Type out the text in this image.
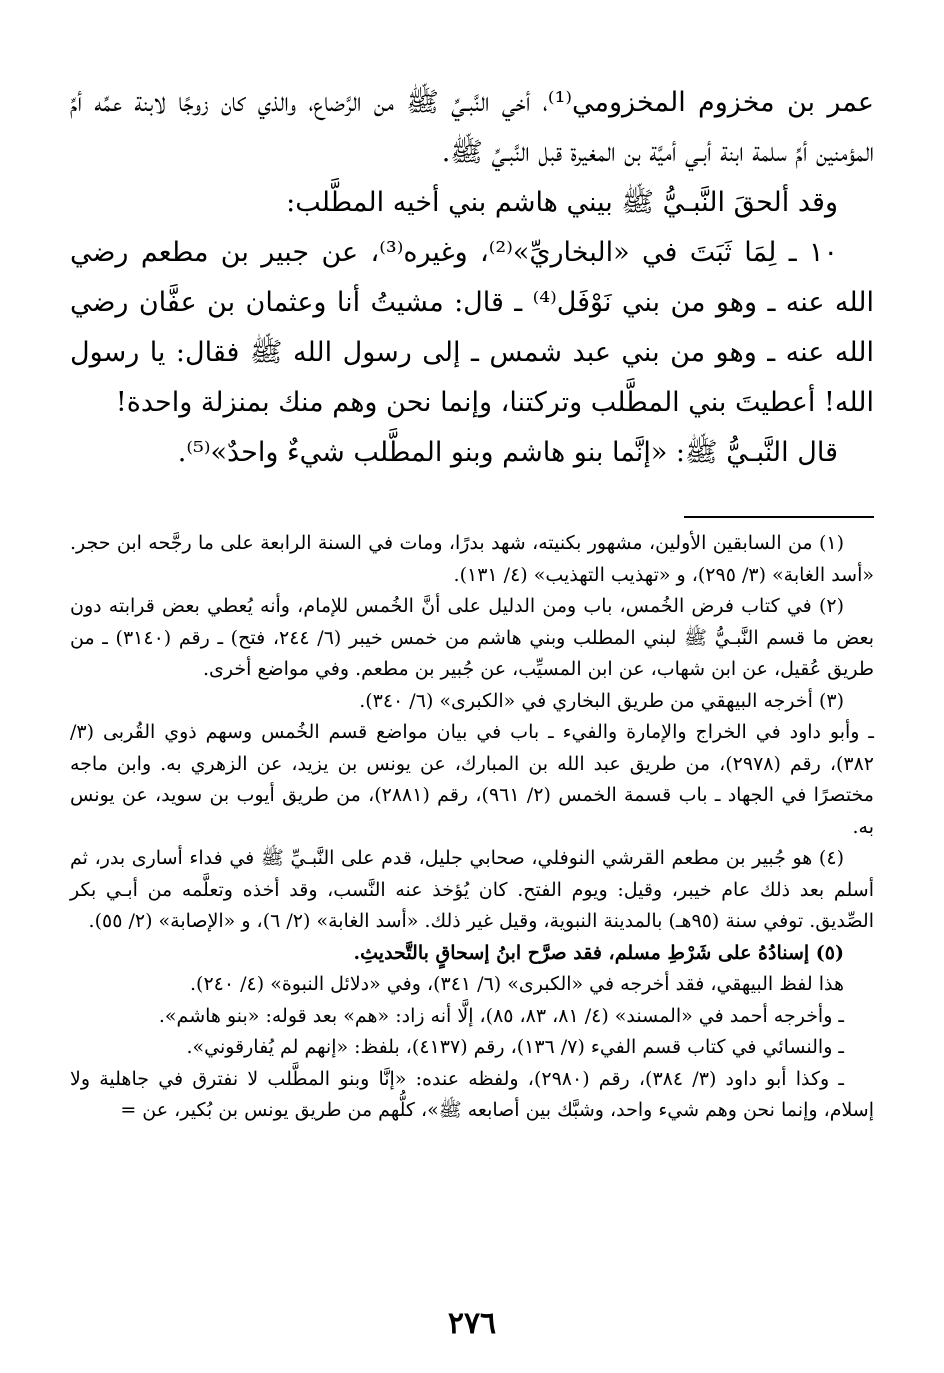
عمر بن مخزوم المخزومي⁽¹⁾، أخي النَّبـيِّ ﷺ من الرَّضاع، والذي كان زوجًا لابنة عمِّه أمِّ المؤمنين أمِّ سلمة ابنة أبـي أميَّة بن المغيرة قبل النَّبـيِّ ﷺ.

وقد ألحقَ النَّبـيُّ ﷺ بيني هاشم بني أخيه المطَّلب:

١٠ ـ لِمَا ثَبَتَ في «البخاريِّ»⁽²⁾، وغيره⁽³⁾، عن جبير بن مطعم رضي الله عنه ـ وهو من بني نَوْفَل⁽⁴⁾ ـ قال: مشيتُ أنا وعثمان بن عفَّان رضي الله عنه ـ وهو من بني عبد شمس ـ إلى رسول الله ﷺ فقال: يا رسول الله! أعطيتَ بني المطَّلب وتركتنا، وإنما نحن وهم منك بمنزلة واحدة!

قال النَّبـيُّ ﷺ: «إنَّما بنو هاشم وبنو المطَّلب شيءٌ واحدٌ»⁽⁵⁾.

(١) من السابقين الأولين، مشهور بكنيته، شهد بدرًا، ومات في السنة الرابعة على ما رجَّحه ابن حجر. «أسد الغابة» (٣/ ٢٩٥)، و «تهذيب التهذيب» (٤/ ١٣١).

(٢) في كتاب فرض الخُمس، باب ومن الدليل على أنَّ الخُمس للإمام، وأنه يُعطي بعض قرابته دون بعض ما قسم النَّبـيُّ ﷺ لبني المطلب وبني هاشم من خمس خيبر (٦/ ٢٤٤، فتح) ـ رقم (٣١٤٠) ـ من طريق عُقيل، عن ابن شهاب، عن ابن المسيِّب، عن جُبير بن مطعم. وفي مواضع أخرى.

(٣) أخرجه البيهقي من طريق البخاري في «الكبرى» (٦/ ٣٤٠).

ـ وأبو داود في الخراج والإمارة والفيء ـ باب في بيان مواضع قسم الخُمس وسهم ذوي القُربى (٣/ ٣٨٢)، رقم (٢٩٧٨)، من طريق عبد الله بن المبارك، عن يونس بن يزيد، عن الزهري به. وابن ماجه مختصرًا في الجهاد ـ باب قسمة الخمس (٢/ ٩٦١)، رقم (٢٨٨١)، من طريق أيوب بن سويد، عن يونس به.

(٤) هو جُبير بن مطعم القرشي النوفلي، صحابي جليل، قدم على النَّبـيِّ ﷺ في فداء أسارى بدر، ثم أسلم بعد ذلك عام خيبر، وقيل: ويوم الفتح. كان يُؤخذ عنه النَّسب، وقد أخذه وتعلَّمه من أبـي بكر الصِّديق. توفي سنة (٩٥هـ) بالمدينة النبوية، وقيل غير ذلك. «أسد الغابة» (٢/ ٦)، و «الإصابة» (٢/ ٥٥).

(٥) إسنادُهُ على شَرْطِ مسلم، فقد صرَّح ابنُ إسحاقٍ بالتَّحديثِ.

هذا لفظ البيهقي، فقد أخرجه في «الكبرى» (٦/ ٣٤١)، وفي «دلائل النبوة» (٤/ ٢٤٠).

ـ وأخرجه أحمد في «المسند» (٤/ ٨١، ٨٣، ٨٥)، إلَّا أنه زاد: «هم» بعد قوله: «بنو هاشم».

ـ والنسائي في كتاب قسم الفيء (٧/ ١٣٦)، رقم (٤١٣٧)، بلفظ: «إنهم لم يُفارقوني».

ـ وكذا أبو داود (٣/ ٣٨٤)، رقم (٢٩٨٠)، ولفظه عنده: «إنَّا وبنو المطَّلب لا نفترق في جاهلية ولا إسلام، وإنما نحن وهم شيء واحد، وشبَّك بين أصابعه ﷺ»، كلُّهم من طريق يونس بن بُكير، عن =

٢٧٦
